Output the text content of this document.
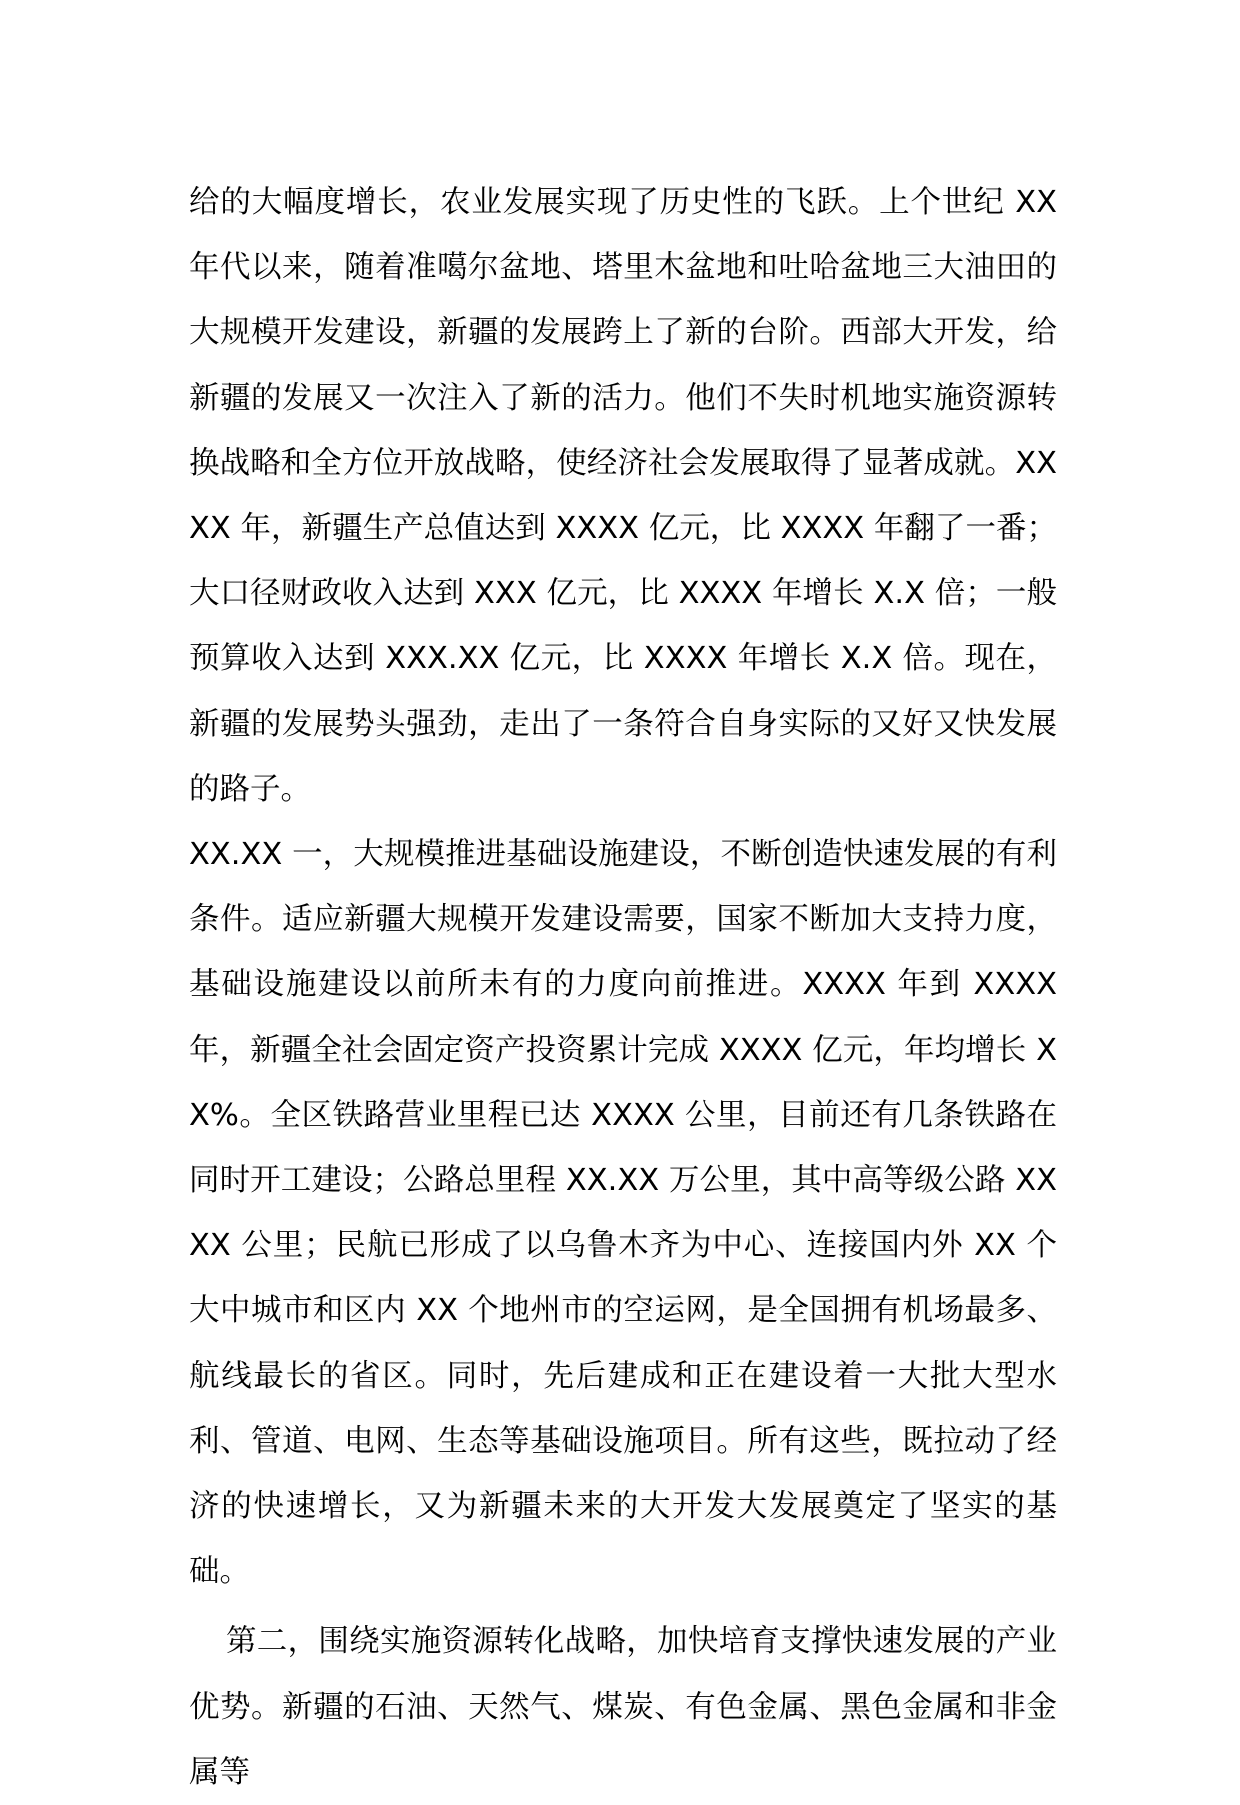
给的大幅度增长，农业发展实现了历史性的飞跃。上个世纪 XX 年代以来，随着准噶尔盆地、塔里木盆地和吐哈盆地三大油田的大规模开发建设，新疆的发展跨上了新的台阶。西部大开发，给新疆的发展又一次注入了新的活力。他们不失时机地实施资源转换战略和全方位开放战略，使经济社会发展取得了显著成就。XXXX 年，新疆生产总值达到 XXXX 亿元，比 XXXX 年翻了一番；大口径财政收入达到 XXX 亿元，比 XXXX 年增长 X.X 倍；一般预算收入达到 XXX.XX 亿元，比 XXXX 年增长 X.X 倍。现在，新疆的发展势头强劲，走出了一条符合自身实际的又好又快发展的路子。

XX.XX 一，大规模推进基础设施建设，不断创造快速发展的有利条件。适应新疆大规模开发建设需要，国家不断加大支持力度，基础设施建设以前所未有的力度向前推进。XXXX 年到 XXXX 年，新疆全社会固定资产投资累计完成 XXXX 亿元，年均增长 XX%。全区铁路营业里程已达 XXXX 公里，目前还有几条铁路在同时开工建设；公路总里程 XX.XX 万公里，其中高等级公路 XXXX 公里；民航已形成了以乌鲁木齐为中心、连接国内外 XX 个大中城市和区内 XX 个地州市的空运网，是全国拥有机场最多、航线最长的省区。同时，先后建成和正在建设着一大批大型水利、管道、电网、生态等基础设施项目。所有这些，既拉动了经济的快速增长，又为新疆未来的大开发大发展奠定了坚实的基础。

第二，围绕实施资源转化战略，加快培育支撑快速发展的产业优势。新疆的石油、天然气、煤炭、有色金属、黑色金属和非金属等
